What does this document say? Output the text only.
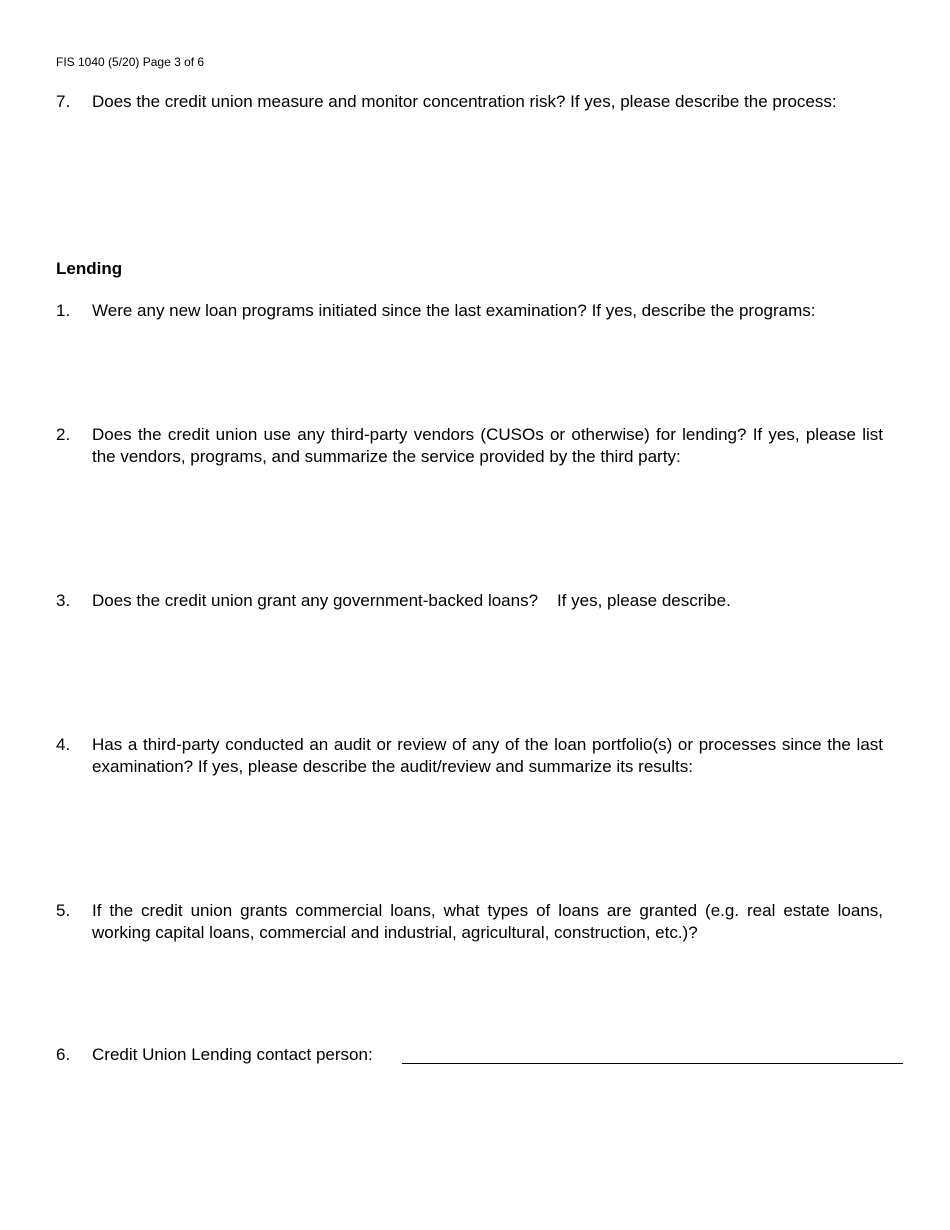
FIS 1040 (5/20) Page 3 of 6
7. Does the credit union measure and monitor concentration risk? If yes, please describe the process:
Lending
1. Were any new loan programs initiated since the last examination? If yes, describe the programs:
2. Does the credit union use any third-party vendors (CUSOs or otherwise) for lending? If yes, please list the vendors, programs, and summarize the service provided by the third party:
3. Does the credit union grant any government-backed loans?    If yes, please describe.
4. Has a third-party conducted an audit or review of any of the loan portfolio(s) or processes since the last examination? If yes, please describe the audit/review and summarize its results:
5. If the credit union grants commercial loans, what types of loans are granted (e.g. real estate loans, working capital loans, commercial and industrial, agricultural, construction, etc.)?
6. Credit Union Lending contact person:
